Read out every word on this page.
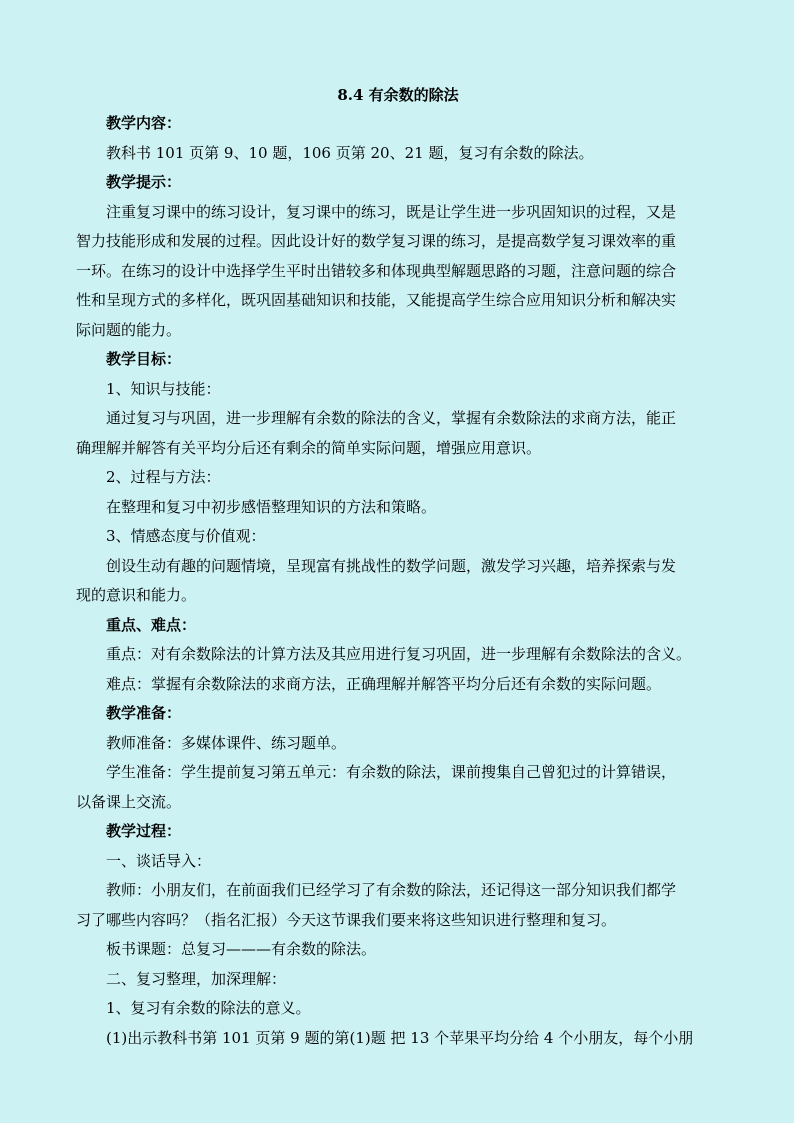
8.4 有余数的除法
教学内容：
教科书 101 页第 9、10 题，106 页第 20、21 题，复习有余数的除法。
教学提示：
注重复习课中的练习设计，复习课中的练习，既是让学生进一步巩固知识的过程，又是
智力技能形成和发展的过程。因此设计好的数学复习课的练习，是提高数学复习课效率的重
一环。在练习的设计中选择学生平时出错较多和体现典型解题思路的习题，注意问题的综合
性和呈现方式的多样化，既巩固基础知识和技能，又能提高学生综合应用知识分析和解决实
际问题的能力。
教学目标：
1、知识与技能：
通过复习与巩固，进一步理解有余数的除法的含义，掌握有余数除法的求商方法，能正
确理解并解答有关平均分后还有剩余的简单实际问题，增强应用意识。
2、过程与方法：
在整理和复习中初步感悟整理知识的方法和策略。
3、情感态度与价值观：
创设生动有趣的问题情境，呈现富有挑战性的数学问题，激发学习兴趣，培养探索与发
现的意识和能力。
重点、难点：
重点：对有余数除法的计算方法及其应用进行复习巩固，进一步理解有余数除法的含义。
难点：掌握有余数除法的求商方法，正确理解并解答平均分后还有余数的实际问题。
教学准备：
教师准备：多媒体课件、练习题单。
学生准备：学生提前复习第五单元：有余数的除法，课前搜集自己曾犯过的计算错误，
以备课上交流。
教学过程：
一、谈话导入：
教师：小朋友们，在前面我们已经学习了有余数的除法，还记得这一部分知识我们都学
习了哪些内容吗？（指名汇报）今天这节课我们要来将这些知识进行整理和复习。
板书课题：总复习———有余数的除法。
二、复习整理，加深理解：
1、复习有余数的除法的意义。
(1)出示教科书第 101 页第 9 题的第(1)题 把 13 个苹果平均分给 4 个小朋友，每个小朋
